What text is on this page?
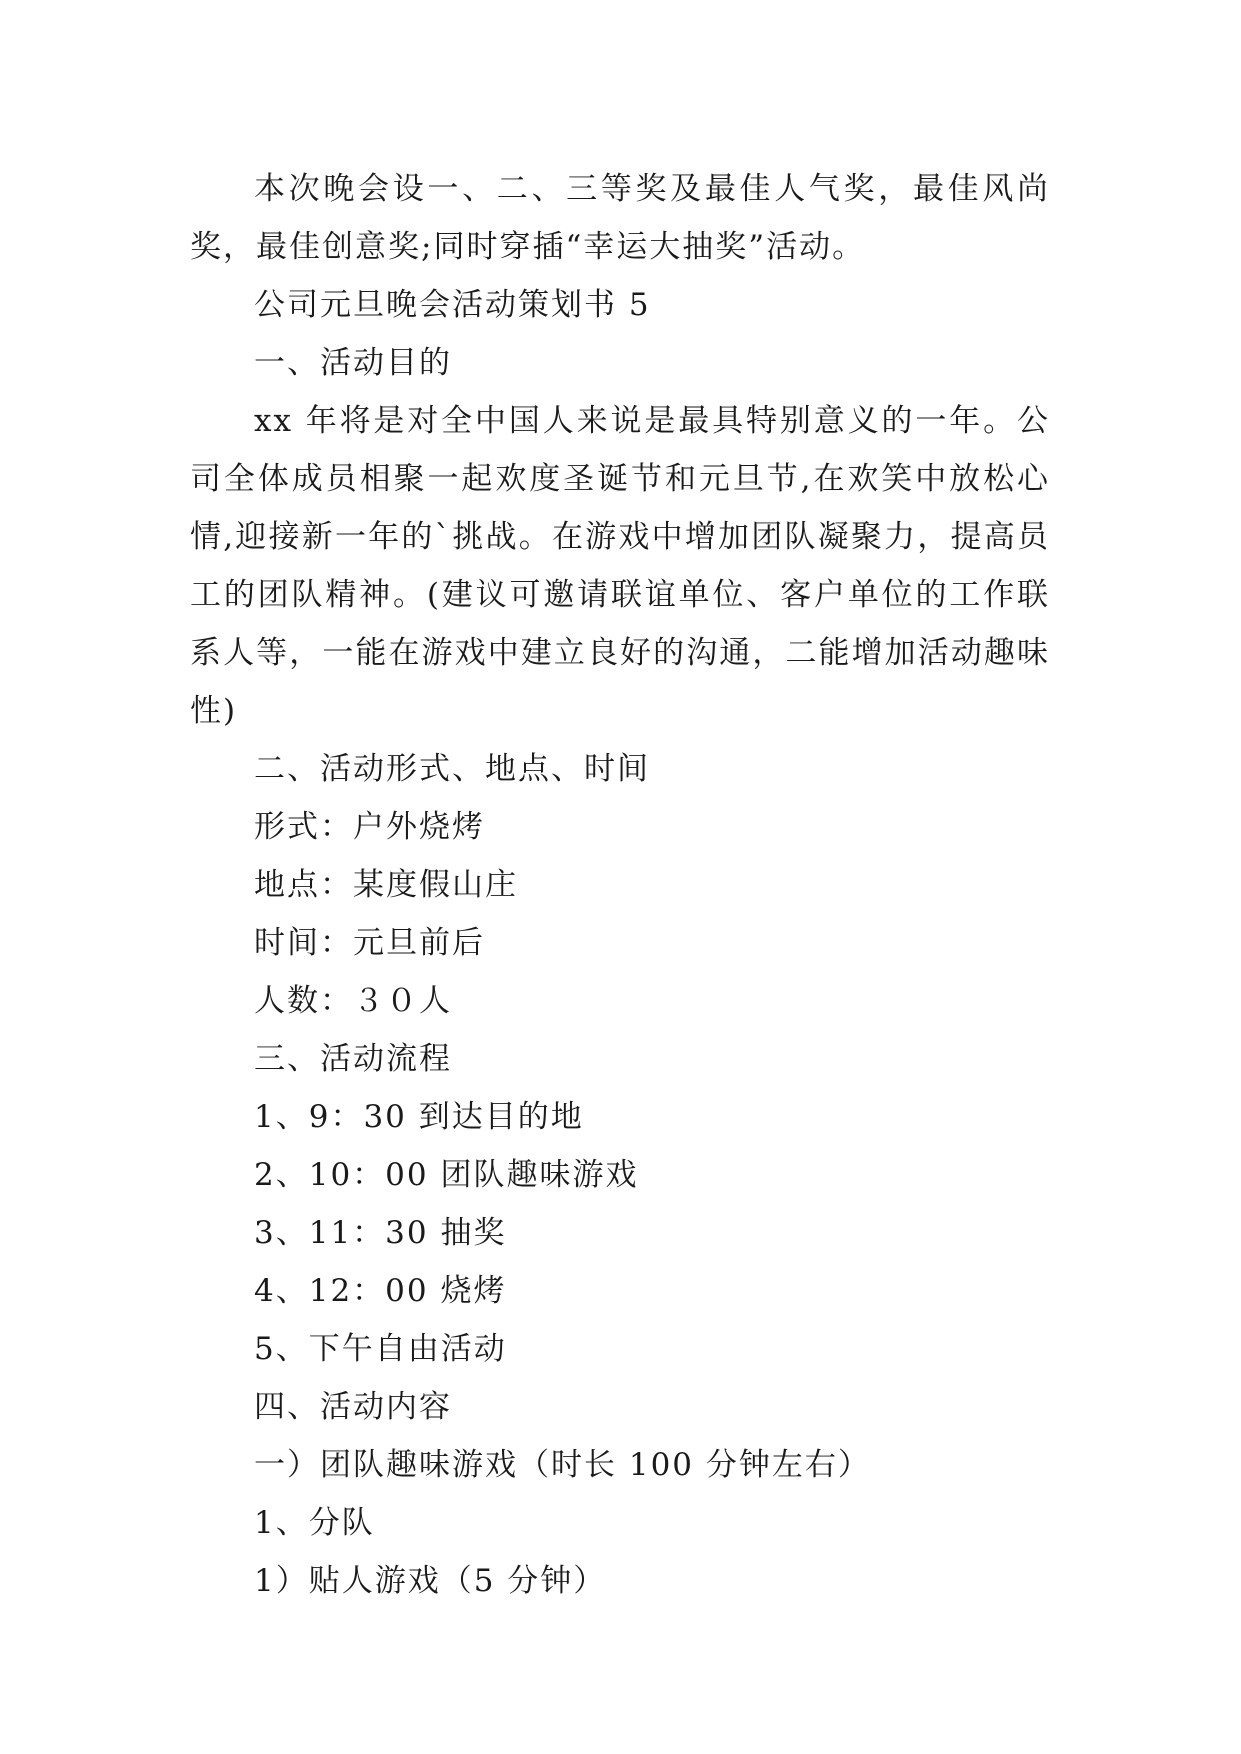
本次晚会设一、二、三等奖及最佳人气奖，最佳风尚奖，最佳创意奖;同时穿插“幸运大抽奖”活动。

公司元旦晚会活动策划书 5

一、活动目的

xx 年将是对全中国人来说是最具特别意义的一年。公司全体成员相聚一起欢度圣诞节和元旦节,在欢笑中放松心情,迎接新一年的`挑战。在游戏中增加团队凝聚力，提高员工的团队精神。(建议可邀请联谊单位、客户单位的工作联系人等，一能在游戏中建立良好的沟通，二能增加活动趣味性)

二、活动形式、地点、时间

形式：户外烧烤

地点：某度假山庄

时间：元旦前后

人数：３０人

三、活动流程

1、9：30 到达目的地

2、10：00 团队趣味游戏

3、11：30 抽奖

4、12：00 烧烤

5、下午自由活动

四、活动内容

一）团队趣味游戏（时长 100 分钟左右）

1、分队

1）贴人游戏（5 分钟）
